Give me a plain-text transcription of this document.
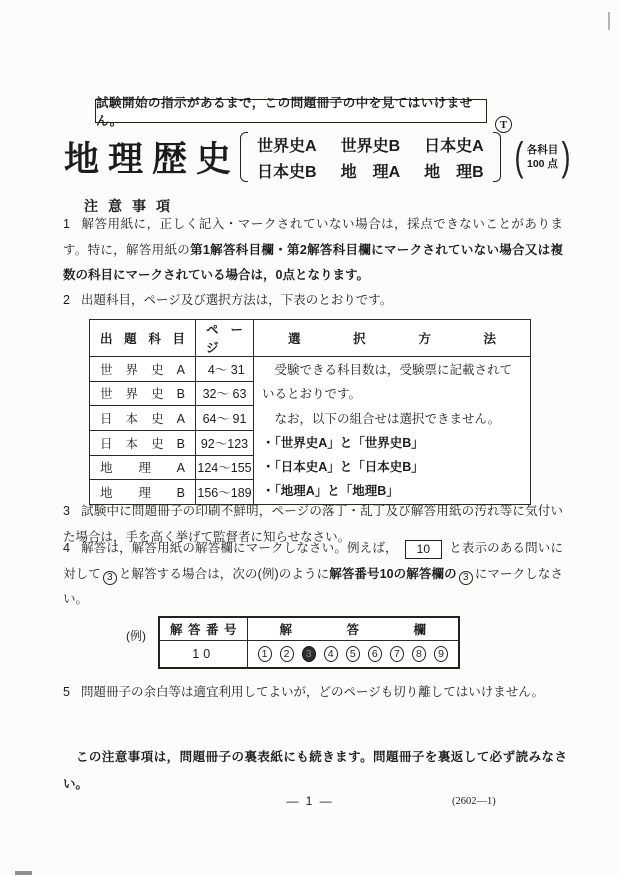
試験開始の指示があるまで，この問題冊子の中を見てはいけません。	T
地理歴史 世界史A 世界史B 日本史A
日本史B 地　理A 地　理B ( 各科目
100 点 )
注意事項

1 解答用紙に，正しく記入・マークされていない場合は，採点できないことがあります。特に，解答用紙の第1解答科目欄・第2解答科目欄にマークされていない場合又は複数の科目にマークされている場合は，0点となります。

2 出題科目，ページ及び選択方法は，下表のとおりです。

出題科目	ページ	選択方法
世界史A	4～ 31	　受験できる科目数は，受験票に記載されて
いるとおりです。
　なお，以下の組合せは選択できません。
・「世界史A」と「世界史B」
・「日本史A」と「日本史B」
・「地理A」と「地理B」

世界史B	32～ 63	
日本史A	64～ 91	
日本史B	92～123	
地理A	124～155	
地理B	156～189	

3 試験中に問題冊子の印刷不鮮明，ページの落丁・乱丁及び解答用紙の汚れ等に気付いた場合は，手を高く挙げて監督者に知らせなさい。

4 解答は，解答用紙の解答欄にマークしなさい。例えば， 10 と表示のある問いに対して 3 と解答する場合は，次の(例)のように解答番号10の解答欄の 3 にマークしなさい。

(例) 解答番号	解答欄
10	1	2	3	4	5	6	7	8	9

5 問題冊子の余白等は適宜利用してよいが，どのページも切り離してはいけません。

　この注意事項は，問題冊子の裏表紙にも続きます。問題冊子を裏返して必ず読みなさい。

— 1 —	(2602—1)
